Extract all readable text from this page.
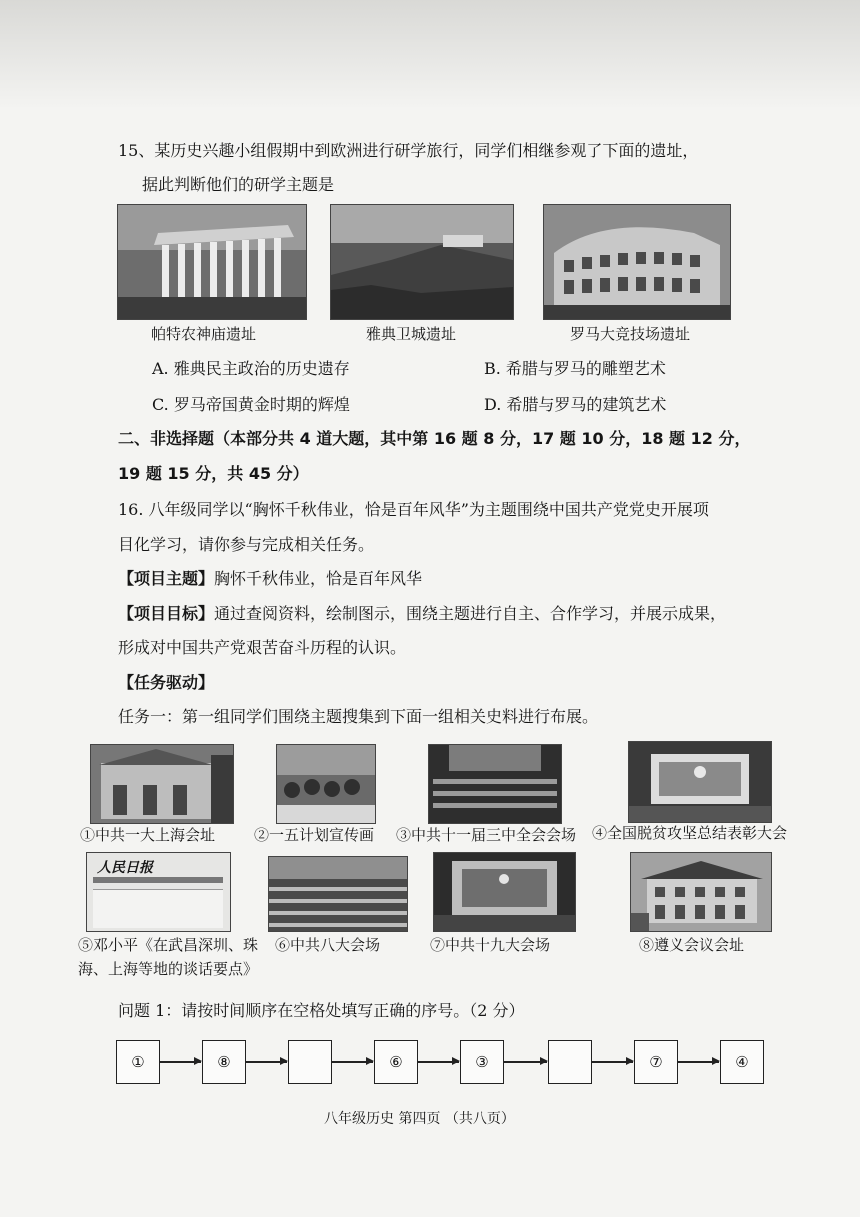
15、某历史兴趣小组假期中到欧洲进行研学旅行，同学们相继参观了下面的遗址，
据此判断他们的研学主题是
帕特农神庙遗址	雅典卫城遗址	罗马大竞技场遗址
A. 雅典民主政治的历史遗存	B. 希腊与罗马的雕塑艺术
C. 罗马帝国黄金时期的辉煌	D. 希腊与罗马的建筑艺术
二、非选择题（本部分共 4 道大题，其中第 16 题 8 分，17 题 10 分，18 题 12 分，
19 题 15 分，共 45 分）
16. 八年级同学以“胸怀千秋伟业，恰是百年风华”为主题围绕中国共产党党史开展项
目化学习，请你参与完成相关任务。
【项目主题】胸怀千秋伟业，恰是百年风华
【项目目标】通过查阅资料，绘制图示，围绕主题进行自主、合作学习，并展示成果，
形成对中国共产党艰苦奋斗历程的认识。
【任务驱动】
任务一：第一组同学们围绕主题搜集到下面一组相关史料进行布展。
①中共一大上海会址	②一五计划宣传画 ③中共十一届三中全会会场 ④全国脱贫攻坚总结表彰大会
人民日报
⑤邓小平《在武昌深圳、珠
海、上海等地的谈话要点》
⑥中共八大会场	⑦中共十九大会场	⑧遵义会议会址
问题 1：请按时间顺序在空格处填写正确的序号。（2 分）
①	⑧	⑥	③	⑦	④
八年级历史 第四页 （共八页）
